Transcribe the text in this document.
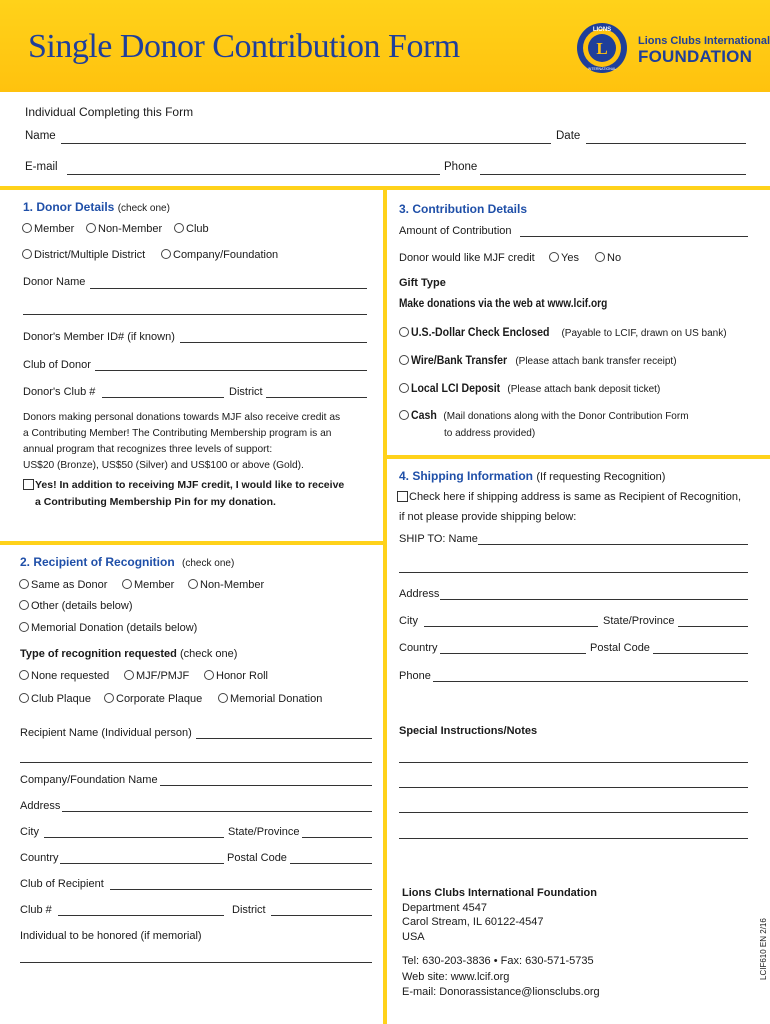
Single Donor Contribution Form	L
LIONS
INTERNATIONAL
Lions Clubs International
FOUNDATION
Individual Completing this Form
Name	Date
E-mail	Phone
1. Donor Details (check one)
Member	Non-Member	Club
District/Multiple District	Company/Foundation
Donor Name
Donor's Member ID# (if known)
Club of Donor
Donor's Club #	District
Donors making personal donations towards MJF also receive credit as
a Contributing Member! The Contributing Membership program is an
annual program that recognizes three levels of support:
US$20 (Bronze), US$50 (Silver) and US$100 or above (Gold).
Yes! In addition to receiving MJF credit, I would like to receive
a Contributing Membership Pin for my donation.
2. Recipient of Recognition (check one)
Same as Donor	Member	Non-Member
Other (details below)
Memorial Donation (details below)
Type of recognition requested (check one)
None requested	MJF/PMJF	Honor Roll
Club Plaque	Corporate Plaque	Memorial Donation
Recipient Name (Individual person)
Company/Foundation Name
Address
City	State/Province
Country	Postal Code
Club of Recipient
Club #	District
Individual to be honored (if memorial)
3. Contribution Details
Amount of Contribution
Donor would like MJF credit	Yes	No
Gift Type
Make donations via the web at www.lcif.org
U.S.-Dollar Check Enclosed (Payable to LCIF, drawn on US bank)
Wire/Bank Transfer (Please attach bank transfer receipt)
Local LCI Deposit (Please attach bank deposit ticket)
Cash (Mail donations along with the Donor Contribution Form
to address provided)
4. Shipping Information (If requesting Recognition)
Check here if shipping address is same as Recipient of Recognition,
if not please provide shipping below:
SHIP TO: Name
Address
City	State/Province
Country	Postal Code
Phone
Special Instructions/Notes
Lions Clubs International Foundation
Department 4547
Carol Stream, IL 60122-4547
USA
Tel: 630-203-3836 • Fax: 630-571-5735
Web site: www.lcif.org
E-mail: Donorassistance@lionsclubs.org
LCIF610 EN 2/16
